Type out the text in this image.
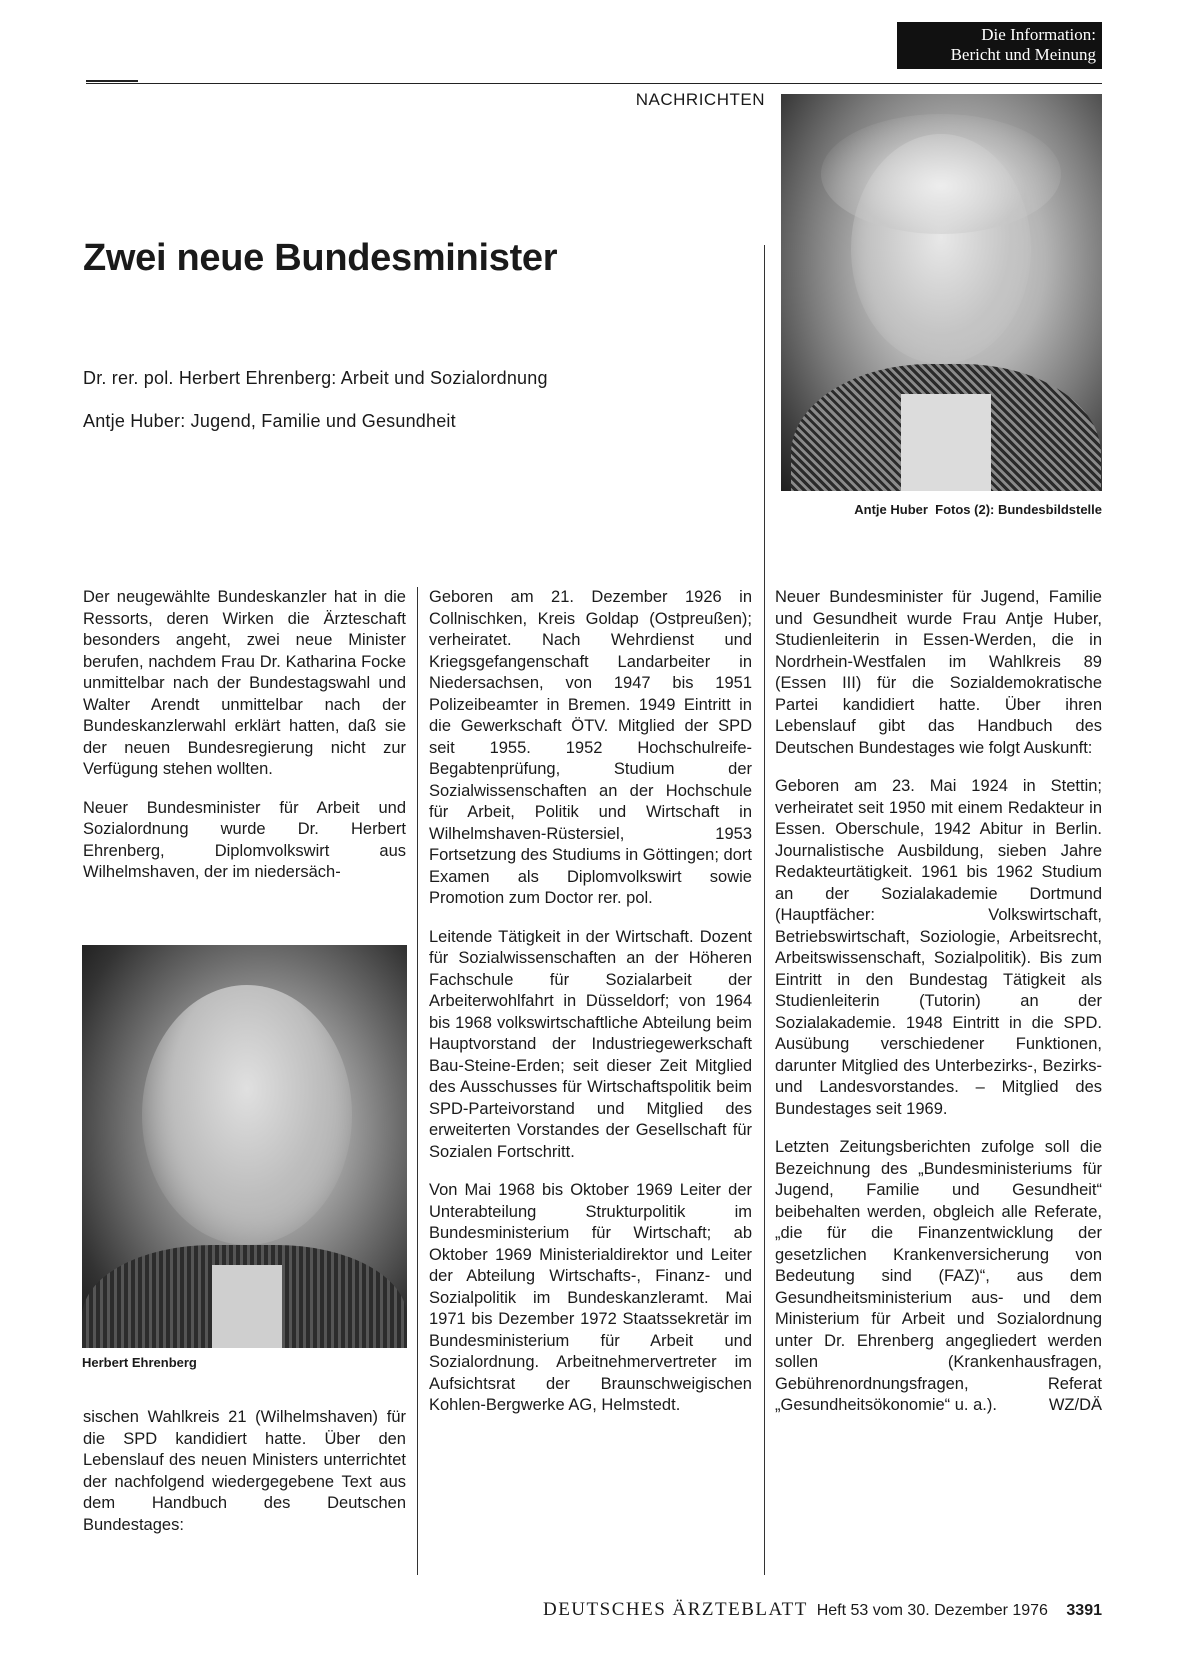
Die Information:
Bericht und Meinung
NACHRICHTEN
Antje Huber Fotos (2): Bundesbildstelle
Zwei neue Bundesminister
Dr. rer. pol. Herbert Ehrenberg: Arbeit und Sozialordnung
Antje Huber: Jugend, Familie und Gesundheit

Der neugewählte Bundeskanzler hat in die Ressorts, deren Wirken die Ärzteschaft besonders angeht, zwei neue Minister berufen, nachdem Frau Dr. Katharina Focke unmittelbar nach der Bundestagswahl und Walter Arendt unmittelbar nach der Bundeskanzlerwahl erklärt hatten, daß sie der neuen Bundesregierung nicht zur Verfügung stehen wollten.

Neuer Bundesminister für Arbeit und Sozialordnung wurde Dr. Herbert Ehrenberg, Diplomvolkswirt aus Wilhelmshaven, der im niedersäch-

Herbert Ehrenberg

sischen Wahlkreis 21 (Wilhelmshaven) für die SPD kandidiert hatte. Über den Lebenslauf des neuen Ministers unterrichtet der nachfolgend wiedergegebene Text aus dem Handbuch des Deutschen Bundestages:

Geboren am 21. Dezember 1926 in Collnischken, Kreis Goldap (Ostpreußen); verheiratet. Nach Wehrdienst und Kriegsgefangenschaft Landarbeiter in Niedersachsen, von 1947 bis 1951 Polizeibeamter in Bremen. 1949 Eintritt in die Gewerkschaft ÖTV. Mitglied der SPD seit 1955. 1952 Hochschulreife-Begabtenprüfung, Studium der Sozialwissenschaften an der Hochschule für Arbeit, Politik und Wirtschaft in Wilhelmshaven-Rüstersiel, 1953 Fortsetzung des Studiums in Göttingen; dort Examen als Diplomvolkswirt sowie Promotion zum Doctor rer. pol.

Leitende Tätigkeit in der Wirtschaft. Dozent für Sozialwissenschaften an der Höheren Fachschule für Sozialarbeit der Arbeiterwohlfahrt in Düsseldorf; von 1964 bis 1968 volkswirtschaftliche Abteilung beim Hauptvorstand der Industriegewerkschaft Bau-Steine-Erden; seit dieser Zeit Mitglied des Ausschusses für Wirtschaftspolitik beim SPD-Parteivorstand und Mitglied des erweiterten Vorstandes der Gesellschaft für Sozialen Fortschritt.

Von Mai 1968 bis Oktober 1969 Leiter der Unterabteilung Strukturpolitik im Bundesministerium für Wirtschaft; ab Oktober 1969 Ministerialdirektor und Leiter der Abteilung Wirtschafts-, Finanz- und Sozialpolitik im Bundeskanzleramt. Mai 1971 bis Dezember 1972 Staatssekretär im Bundesministerium für Arbeit und Sozialordnung. Arbeitnehmervertreter im Aufsichtsrat der Braunschweigischen Kohlen-Bergwerke AG, Helmstedt.

Neuer Bundesminister für Jugend, Familie und Gesundheit wurde Frau Antje Huber, Studienleiterin in Essen-Werden, die in Nordrhein-Westfalen im Wahlkreis 89 (Essen III) für die Sozialdemokratische Partei kandidiert hatte. Über ihren Lebenslauf gibt das Handbuch des Deutschen Bundestages wie folgt Auskunft:

Geboren am 23. Mai 1924 in Stettin; verheiratet seit 1950 mit einem Redakteur in Essen. Oberschule, 1942 Abitur in Berlin. Journalistische Ausbildung, sieben Jahre Redakteurtätigkeit. 1961 bis 1962 Studium an der Sozialakademie Dortmund (Hauptfächer: Volkswirtschaft, Betriebswirtschaft, Soziologie, Arbeitsrecht, Arbeitswissenschaft, Sozialpolitik). Bis zum Eintritt in den Bundestag Tätigkeit als Studienleiterin (Tutorin) an der Sozialakademie. 1948 Eintritt in die SPD. Ausübung verschiedener Funktionen, darunter Mitglied des Unterbezirks-, Bezirks- und Landesvorstandes. – Mitglied des Bundestages seit 1969.

Letzten Zeitungsberichten zufolge soll die Bezeichnung des „Bundesministeriums für Jugend, Familie und Gesundheit“ beibehalten werden, obgleich alle Referate, „die für die Finanzentwicklung der gesetzlichen Krankenversicherung von Bedeutung sind (FAZ)“, aus dem Gesundheitsministerium aus- und dem Ministerium für Arbeit und Sozialordnung unter Dr. Ehrenberg angegliedert werden sollen (Krankenhausfragen, Gebührenordnungsfragen, Referat „Gesundheitsökonomie“ u. a.).	WZ/DÄ

DEUTSCHES ÄRZTEBLATT Heft 53 vom 30. Dezember 1976 3391
